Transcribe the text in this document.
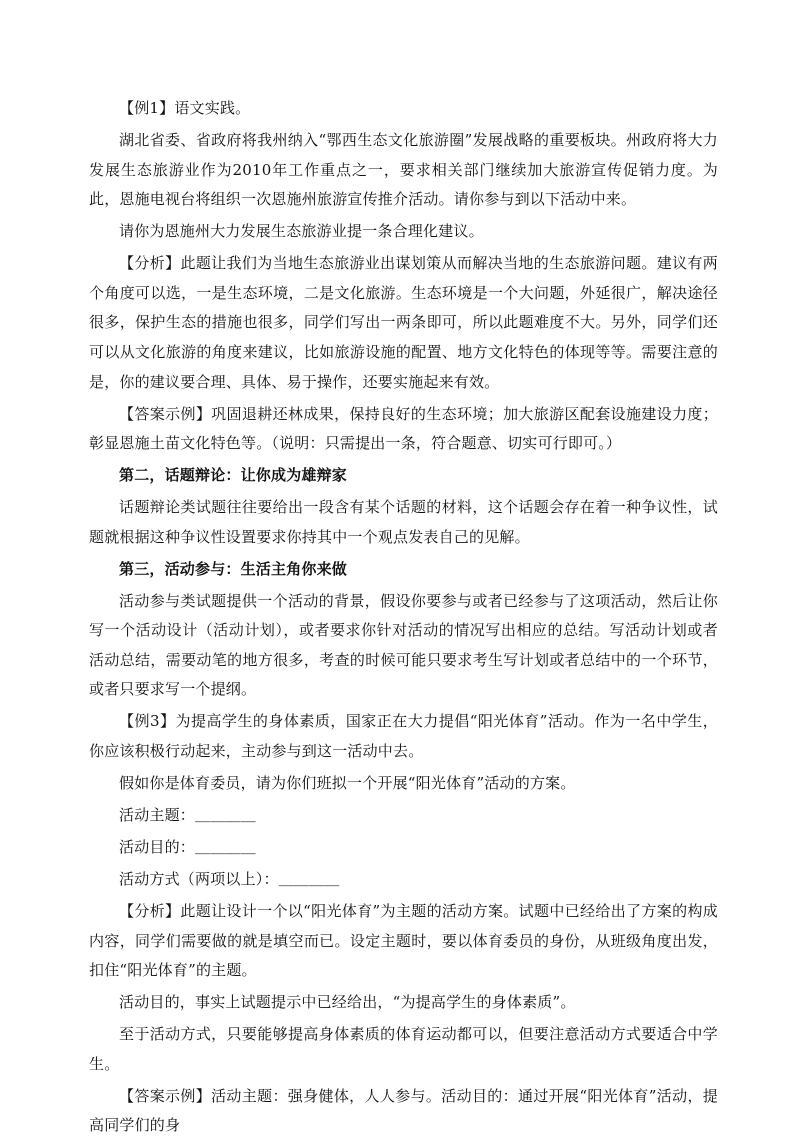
【例1】语文实践。

湖北省委、省政府将我州纳入“鄂西生态文化旅游圈”发展战略的重要板块。州政府将大力发展生态旅游业作为2010年工作重点之一，要求相关部门继续加大旅游宣传促销力度。为此，恩施电视台将组织一次恩施州旅游宣传推介活动。请你参与到以下活动中来。

请你为恩施州大力发展生态旅游业提一条合理化建议。

【分析】此题让我们为当地生态旅游业出谋划策从而解决当地的生态旅游问题。建议有两个角度可以选，一是生态环境，二是文化旅游。生态环境是一个大问题，外延很广，解决途径很多，保护生态的措施也很多，同学们写出一两条即可，所以此题难度不大。另外，同学们还可以从文化旅游的角度来建议，比如旅游设施的配置、地方文化特色的体现等等。需要注意的是，你的建议要合理、具体、易于操作，还要实施起来有效。

【答案示例】巩固退耕还林成果，保持良好的生态环境；加大旅游区配套设施建设力度；彰显恩施土苗文化特色等。（说明：只需提出一条，符合题意、切实可行即可。）

第二，话题辩论：让你成为雄辩家

话题辩论类试题往往要给出一段含有某个话题的材料，这个话题会存在着一种争议性，试题就根据这种争议性设置要求你持其中一个观点发表自己的见解。

第三，活动参与：生活主角你来做

活动参与类试题提供一个活动的背景，假设你要参与或者已经参与了这项活动，然后让你写一个活动设计（活动计划），或者要求你针对活动的情况写出相应的总结。写活动计划或者活动总结，需要动笔的地方很多，考查的时候可能只要求考生写计划或者总结中的一个环节，或者只要求写一个提纲。

【例3】为提高学生的身体素质，国家正在大力提倡“阳光体育”活动。作为一名中学生，你应该积极行动起来，主动参与到这一活动中去。

假如你是体育委员，请为你们班拟一个开展“阳光体育”活动的方案。

活动主题：＿＿＿＿

活动目的：＿＿＿＿

活动方式（两项以上）：＿＿＿＿

【分析】此题让设计一个以“阳光体育”为主题的活动方案。试题中已经给出了方案的构成内容，同学们需要做的就是填空而已。设定主题时，要以体育委员的身份，从班级角度出发，扣住“阳光体育”的主题。

活动目的，事实上试题提示中已经给出，“为提高学生的身体素质”。

至于活动方式，只要能够提高身体素质的体育运动都可以，但要注意活动方式要适合中学生。

【答案示例】活动主题：强身健体，人人参与。活动目的：通过开展“阳光体育”活动，提高同学们的身
